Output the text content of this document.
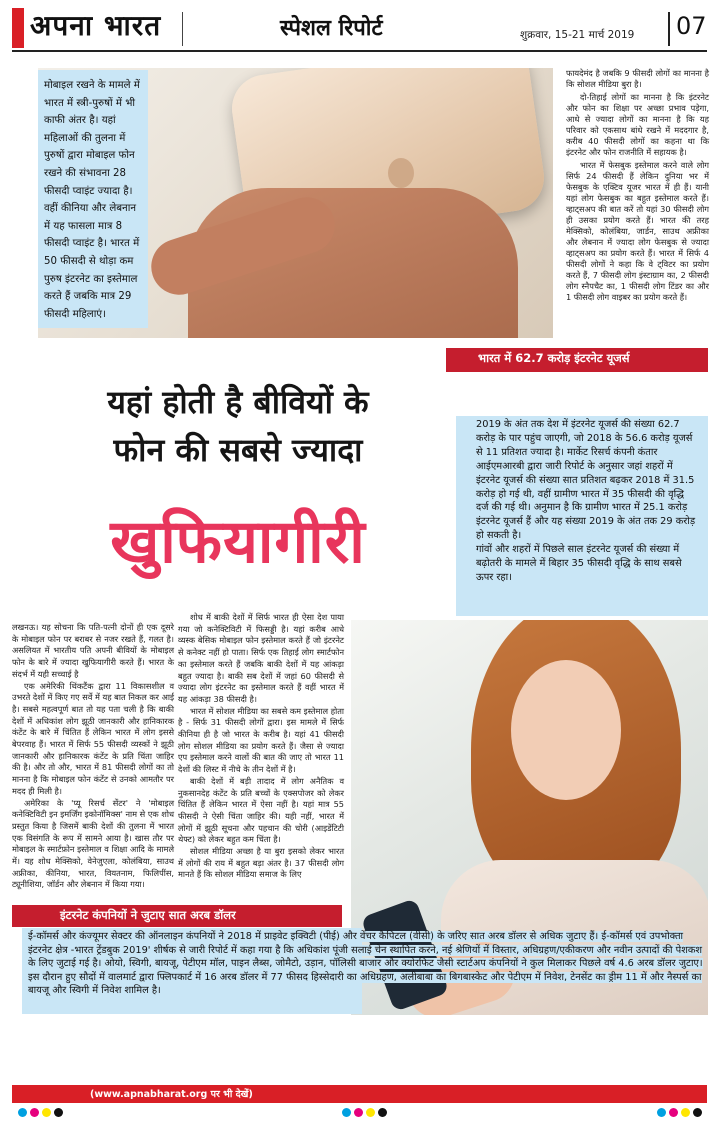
अपना भारत	स्पेशल रिपोर्ट	शुक्रवार, 15-21 मार्च 2019 07
मोबाइल रखने के मामले में भारत में स्त्री-पुरुषों में भी काफी अंतर है। यहां महिलाओं की तुलना में पुरुषों द्वारा मोबाइल फोन रखने की संभावना 28 फीसदी प्वाइंट ज्यादा है। वहीं कीनिया और लेबनान में यह फासला मात्र 8 फीसदी प्वाइंट है। भारत में 50 फीसदी से थोड़ा कम पुरुष इंटरनेट का इस्तेमाल करते हैं जबकि मात्र 29 फीसदी महिलाएं।

फायदेमंद है जबकि 9 फीसदी लोगों का मानना है कि सोशल मीडिया बुरा है।

दो-तिहाई लोगों का मानना है कि इंटरनेट और फोन का शिक्षा पर अच्छा प्रभाव पड़ेगा, आधे से ज्यादा लोगों का मानना है कि यह परिवार को एकसाथ बांधे रखने में मददगार है, करीब 40 फीसदी लोगों का कहना था कि इंटरनेट और फोन राजनीति में सहायक है।

भारत में फेसबुक इस्तेमाल करने वाले लोग सिर्फ 24 फीसदी हैं लेकिन दुनिया भर में फेसबुक के एक्टिव यूजर भारत में ही हैं। यानी यहां लोग फेसबुक का बहुत इस्तेमाल करते हैं। व्हाट्सअप की बात करें तो यहां 30 फीसदी लोग ही उसका प्रयोग करते हैं। भारत की तरह मेक्सिको, कोलंबिया, जार्डन, साउथ अफ्रीका और लेबनान में ज्यादा लोग फेसबुक से ज्यादा व्हाट्सअप का प्रयोग करते हैं। भारत में सिर्फ 4 फीसदी लोगों ने कहा कि वे ट्विटर का प्रयोग करते हैं, 7 फीसदी लोग इंस्टाग्राम का, 2 फीसदी लोग स्नैपचैट का, 1 फीसदी लोग टिंडर का और 1 फीसदी लोग वाइबर का प्रयोग करते हैं।

यहां होती है बीवियों के
फोन की सबसे ज्यादा
खुफियागीरी
भारत में 62.7 करोड़ इंटरनेट यूजर्स

2019 के अंत तक देश में इंटरनेट यूजर्स की संख्या 62.7 करोड़ के पार पहुंच जाएगी, जो 2018 के 56.6 करोड़ यूजर्स से 11 प्रतिशत ज्यादा है। मार्केट रिसर्च कंपनी कंतार आईएमआरबी द्वारा जारी रिपोर्ट के अनुसार जहां शहरों में इंटरनेट यूजर्स की संख्या सात प्रतिशत बढ़कर 2018 में 31.5 करोड़ हो गई थी, वहीं ग्रामीण भारत में 35 फीसदी की वृद्धि दर्ज की गई थी। अनुमान है कि ग्रामीण भारत में 25.1 करोड़ इंटरनेट यूजर्स हैं और यह संख्या 2019 के अंत तक 29 करोड़ हो सकती है।

गांवों और शहरों में पिछले साल इंटरनेट यूजर्स की संख्या में बढ़ोतरी के मामले में बिहार 35 फीसदी वृद्धि के साथ सबसे ऊपर रहा।

लखनऊ। यह सोचना कि पति-पत्नी दोनों ही एक दूसरे के मोबाइल फोन पर बराबर से नजर रखते हैं, गलत है। असलियत में भारतीय पति अपनी बीवियों के मोबाइल फोन के बारे में ज्यादा खुफियागीरी करते हैं। भारत के संदर्भ में यही सच्चाई है

एक अमेरिकी थिंकटैंक द्वारा 11 विकासशील व उभरते देशों में किए गए सर्वे में यह बात निकल कर आई है। सबसे महत्वपूर्ण बात तो यह पता चली है कि बाकी देशों में अधिकांश लोग झूठी जानकारी और हानिकारक कंटेंट के बारे में चिंतित हैं लेकिन भारत में लोग इससे बेपरवाह हैं। भारत में सिर्फ 55 फीसदी व्यस्कों ने झूठी जानकारी और हानिकारक कंटेंट के प्रति चिंता जाहिर की है। और तो और, भारत में 81 फीसदी लोगों का तो मानना है कि मोबाइल फोन कंटेंट से उनको आमतौर पर मदद ही मिली है।

अमेरिका के 'प्यू रिसर्च सेंटर' ने 'मोबाइल कनेक्टिविटी इन इमर्जिंग इकोनॉमिक्स' नाम से एक शोध प्रस्तुत किया है जिसमें बाकी देशों की तुलना में भारत एक विसंगति के रूप में सामने आया है। खास तौर पर मोबाइल के स्मार्टफ़ोन इस्तेमाल व शिक्षा आदि के मामले में। यह शोध मेक्सिको, वेनेजुएला, कोलंबिया, साउथ अफ्रीका, कीनिया, भारत, वियतनाम, फिलिपींस, ट्यूनीशिया, जॉर्डन और लेबनान में किया गया।

शोध में बाकी देशों में सिर्फ भारत ही ऐसा देश पाया गया जो कनेक्टिविटी में फिसड्डी है। यहां करीब आधे व्यस्क बेसिक मोबाइल फोन इस्तेमाल करते हैं जो इंटरनेट से कनेक्ट नहीं हो पाता। सिर्फ एक तिहाई लोग स्मार्टफोन का इस्तेमाल करते हैं जबकि बाकी देशों में यह आंकड़ा बहुत ज्यादा है। बाकी सब देशों में जहां 60 फीसदी से ज्यादा लोग इंटरनेट का इस्तेमाल करते हैं वहीं भारत में यह आंकड़ा 38 फीसदी है।

भारत में सोशल मीडिया का सबसे कम इस्तेमाल होता है - सिर्फ 31 फीसदी लोगों द्वारा। इस मामले में सिर्फ कीनिया ही है जो भारत के करीब है। यहां 41 फीसदी लोग सोशल मीडिया का प्रयोग करते हैं। जैसा से ज्यादा एप इस्तेमाल करने वालों की बात की जाए तो भारत 11 देशों की लिस्ट में नीचे के तीन देशों में है।

बाकी देशों में बड़ी तादाद में लोग अनैतिक व नुकसानदेह कंटेंट के प्रति बच्चों के एक्सपोजर को लेकर चिंतित हैं लेकिन भारत में ऐसा नहीं है। यहां मात्र 55 फीसदी ने ऐसी चिंता जाहिर की। यही नहीं, भारत में लोगों में झूठी सूचना और पहचान की चोरी (आइडेंटिटी थेफ्ट) को लेकर बहुत कम चिंता है।

सोशल मीडिया अच्छा है या बुरा इसको लेकर भारत में लोगों की राय में बहुत बड़ा अंतर है। 37 फीसदी लोग मानते हैं कि सोशल मीडिया समाज के लिए

इंटरनेट कंपनियों ने जुटाए सात अरब डॉलर
ई-कॉमर्स और कंज्यूमर सेक्टर की ऑनलाइन कंपनियों ने 2018 में प्राइवेट इक्विटी (पीई) और वेंचर कैपिटल (वीसी) के जरिए सात अरब डॉलर से अधिक जुटाए हैं। ई-कॉमर्स एवं उपभोक्ता इंटरनेट क्षेत्र -भारत ट्रेंडबुक 2019' शीर्षक से जारी रिपोर्ट में कहा गया है कि अधिकांश पूंजी सलाई चेन स्थापित करने, नई श्रेणियों में विस्तार, अधिग्रहण/एकीकरण और नवीन उत्पादों की पेशकश के लिए जुटाई गई है। ओयो, स्विगी, बायजू, पेटीएम मॉल, पाइन लैब्स, जोमैटो, उड़ान, पॉलिसी बाजार और क्योरफिट जैसी स्टार्टअप कंपनियों ने कुल मिलाकर पिछले वर्ष 4.6 अरब डॉलर जुटाए। इस दौरान हुए सौदों में वालमार्ट द्वारा फ्लिपकार्ट में 16 अरब डॉलर में 77 फीसद हिस्सेदारी का अधिग्रहण, अलीबाबा का बिगबास्केट और पेटीएम में निवेश, टेनसेंट का ड्रीम 11 में और नैस्पर्स का बायजू और स्विगी में निवेश शामिल है।
(www.apnabharat.org पर भी देखें)
